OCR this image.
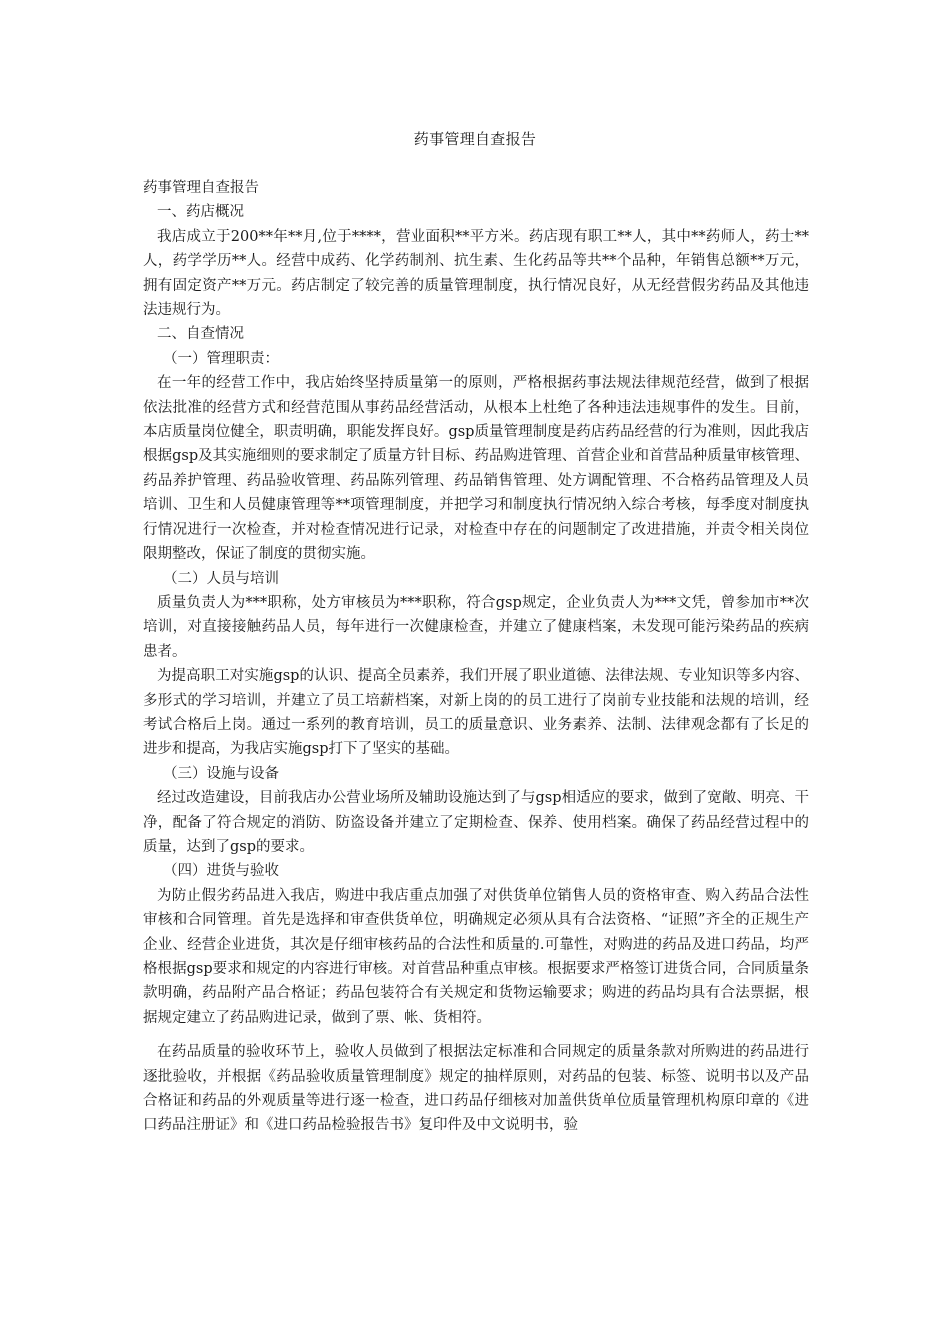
药事管理自查报告

药事管理自查报告

一、药店概况

我店成立于200**年**月,位于****，营业面积**平方米。药店现有职工**人，其中**药师人，药士**人，药学学历**人。经营中成药、化学药制剂、抗生素、生化药品等共**个品种，年销售总额**万元，拥有固定资产**万元。药店制定了较完善的质量管理制度，执行情况良好，从无经营假劣药品及其他违法违规行为。

二、自查情况

（一）管理职责：

在一年的经营工作中，我店始终坚持质量第一的原则，严格根据药事法规法律规范经营，做到了根据依法批准的经营方式和经营范围从事药品经营活动，从根本上杜绝了各种违法违规事件的发生。目前，本店质量岗位健全，职责明确，职能发挥良好。gsp质量管理制度是药店药品经营的行为准则，因此我店根据gsp及其实施细则的要求制定了质量方针目标、药品购进管理、首营企业和首营品种质量审核管理、药品养护管理、药品验收管理、药品陈列管理、药品销售管理、处方调配管理、不合格药品管理及人员培训、卫生和人员健康管理等**项管理制度，并把学习和制度执行情况纳入综合考核，每季度对制度执行情况进行一次检查，并对检查情况进行记录，对检查中存在的问题制定了改进措施，并责令相关岗位限期整改，保证了制度的贯彻实施。

（二）人员与培训

质量负责人为***职称，处方审核员为***职称，符合gsp规定，企业负责人为***文凭，曾参加市**次培训，对直接接触药品人员，每年进行一次健康检查，并建立了健康档案，未发现可能污染药品的疾病患者。

为提高职工对实施gsp的认识、提高全员素养，我们开展了职业道德、法律法规、专业知识等多内容、多形式的学习培训，并建立了员工培薪档案，对新上岗的的员工进行了岗前专业技能和法规的培训，经考试合格后上岗。通过一系列的教育培训，员工的质量意识、业务素养、法制、法律观念都有了长足的进步和提高，为我店实施gsp打下了坚实的基础。

（三）设施与设备

经过改造建设，目前我店办公营业场所及辅助设施达到了与gsp相适应的要求，做到了宽敞、明亮、干净，配备了符合规定的消防、防盗设备并建立了定期检查、保养、使用档案。确保了药品经营过程中的质量，达到了gsp的要求。

（四）进货与验收

为防止假劣药品进入我店，购进中我店重点加强了对供货单位销售人员的资格审查、购入药品合法性审核和合同管理。首先是选择和审查供货单位，明确规定必须从具有合法资格、“证照”齐全的正规生产企业、经营企业进货，其次是仔细审核药品的合法性和质量的.可靠性，对购进的药品及进口药品，均严格根据gsp要求和规定的内容进行审核。对首营品种重点审核。根据要求严格签订进货合同，合同质量条款明确，药品附产品合格证；药品包装符合有关规定和货物运输要求；购进的药品均具有合法票据，根据规定建立了药品购进记录，做到了票、帐、货相符。

在药品质量的验收环节上，验收人员做到了根据法定标准和合同规定的质量条款对所购进的药品进行逐批验收，并根据《药品验收质量管理制度》规定的抽样原则，对药品的包装、标签、说明书以及产品合格证和药品的外观质量等进行逐一检查，进口药品仔细核对加盖供货单位质量管理机构原印章的《进口药品注册证》和《进口药品检验报告书》复印件及中文说明书，验
